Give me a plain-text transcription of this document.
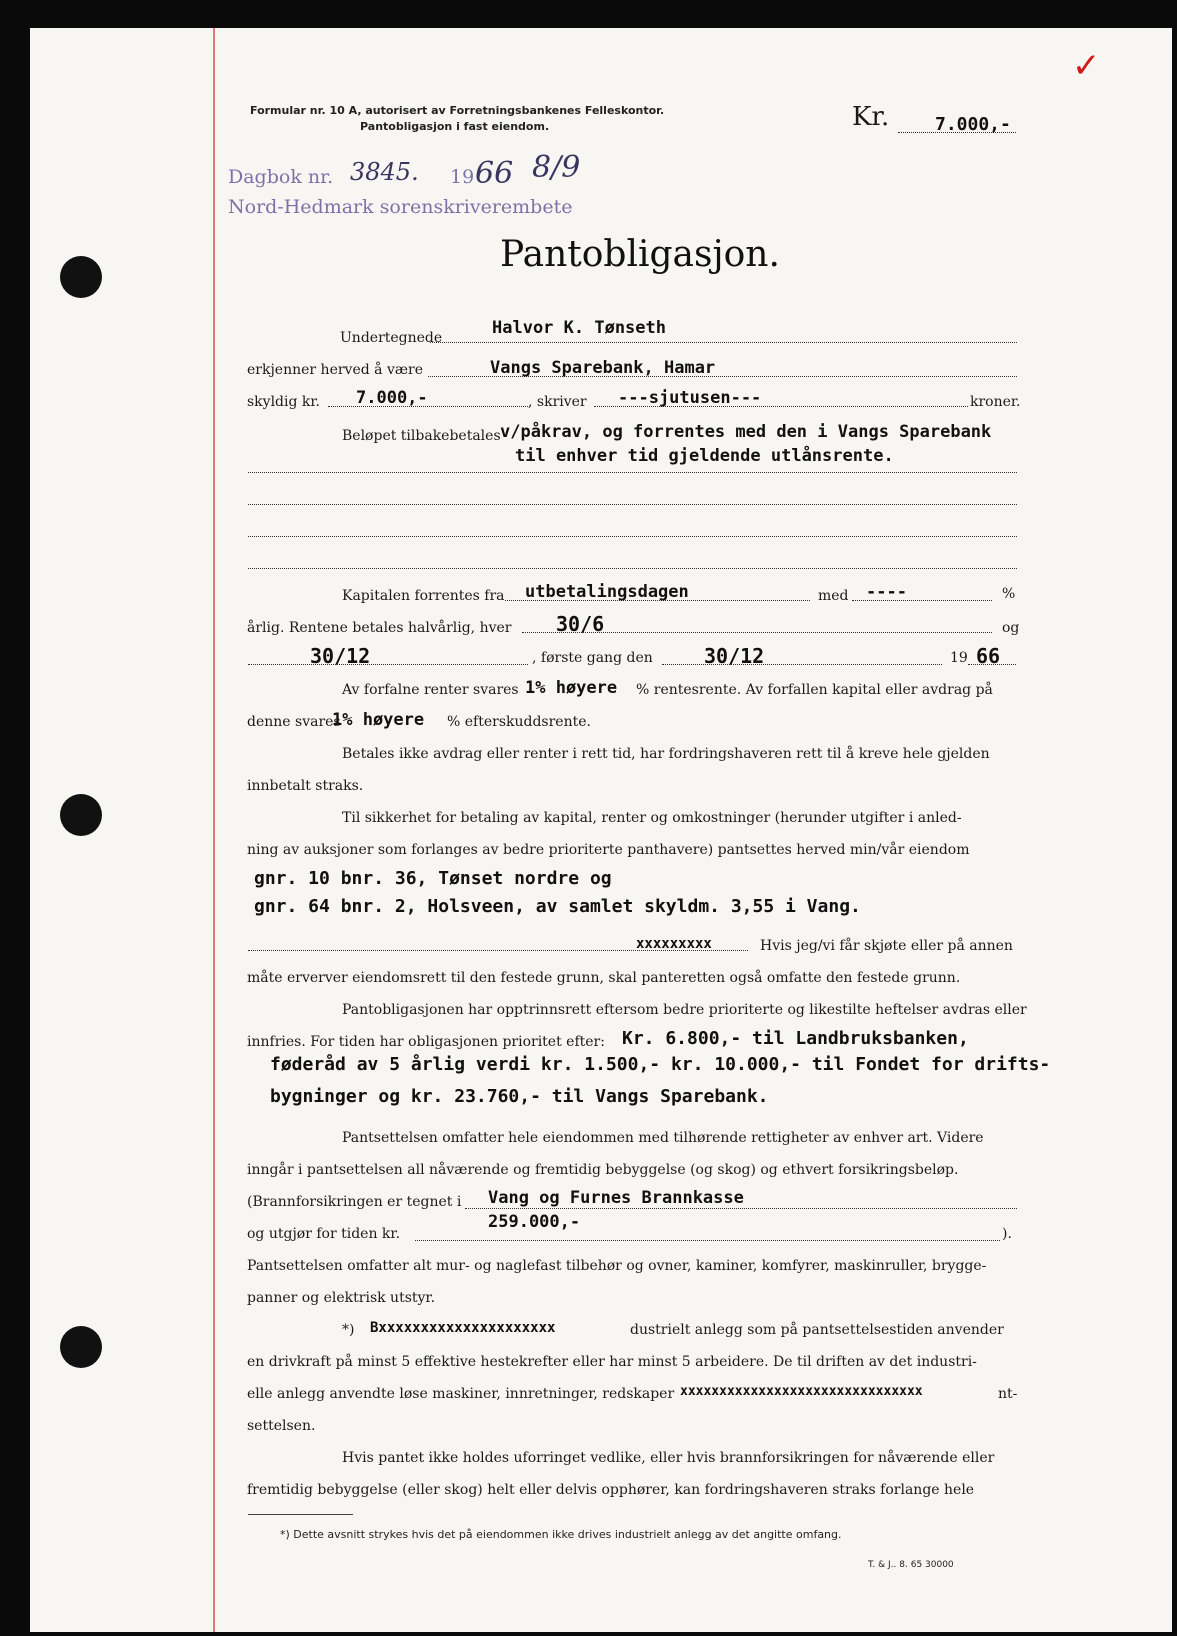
Formular nr. 10 A, autorisert av Forretningsbankenes Felleskontor.
Pantobligasjon i fast eiendom.	Kr.	7.000,-
✓
Dagbok nr. 3845. 19 66 8/9
Nord-Hedmark sorenskriverembete
Pantobligasjon.
Undertegnede	Halvor K. Tønseth
erkjenner herved å være	Vangs Sparebank, Hamar
skyldig kr. 7.000,-	, skriver ---sjutusen---	kroner.
Beløpet tilbakebetales v/påkrav, og forrentes med den i Vangs Sparebank
til enhver tid gjeldende utlånsrente.
Kapitalen forrentes fra utbetalingsdagen	med ----	%
årlig. Rentene betales halvårlig, hver 30/6	og
30/12	, første gang den	30/12	19 66
Av forfalne renter svares 1% høyere % rentesrente. Av forfallen kapital eller avdrag på
denne svares
1% høyere % efterskuddsrente.
Betales ikke avdrag eller renter i rett tid, har fordringshaveren rett til å kreve hele gjelden
innbetalt straks.
Til sikkerhet for betaling av kapital, renter og omkostninger (herunder utgifter i anled-
ning av auksjoner som forlanges av bedre prioriterte panthavere) pantsettes herved min/vår eiendom
gnr. 10 bnr. 36, Tønset nordre og
gnr. 64 bnr. 2, Holsveen, av samlet skyldm. 3,55 i Vang.
xxxxxxxxx	Hvis jeg/vi får skjøte eller på annen
måte erverver eiendomsrett til den festede grunn, skal panteretten også omfatte den festede grunn.
Pantobligasjonen har opptrinnsrett eftersom bedre prioriterte og likestilte heftelser avdras eller
innfries. For tiden har obligasjonen prioritet efter: Kr. 6.800,- til Landbruksbanken,
føderåd av 5 årlig verdi kr. 1.500,- kr. 10.000,- til Fondet for drifts-
bygninger og kr. 23.760,- til Vangs Sparebank.
Pantsettelsen omfatter hele eiendommen med tilhørende rettigheter av enhver art. Videre
inngår i pantsettelsen all nåværende og fremtidig bebyggelse (og skog) og ethvert forsikringsbeløp.
(Brannforsikringen er tegnet i Vang og Furnes Brannkasse
og utgjør for tiden kr.
259.000,-
).
Pantsettelsen omfatter alt mur- og naglefast tilbehør og ovner, kaminer, komfyrer, maskinruller, brygge-
panner og elektrisk utstyr.
*) Bxxxxxxxxxxxxxxxxxxxxx	dustrielt anlegg som på pantsettelsestiden anvender
en drivkraft på minst 5 effektive hestekrefter eller har minst 5 arbeidere. De til driften av det industri-
elle anlegg anvendte løse maskiner, innretninger, redskaper xxxxxxxxxxxxxxxxxxxxxxxxxxxxxxx	nt-
settelsen.
Hvis pantet ikke holdes uforringet vedlike, eller hvis brannforsikringen for nåværende eller
fremtidig bebyggelse (eller skog) helt eller delvis opphører, kan fordringshaveren straks forlange hele
*) Dette avsnitt strykes hvis det på eiendommen ikke drives industrielt anlegg av det angitte omfang.
T. & J.. 8. 65 30000
